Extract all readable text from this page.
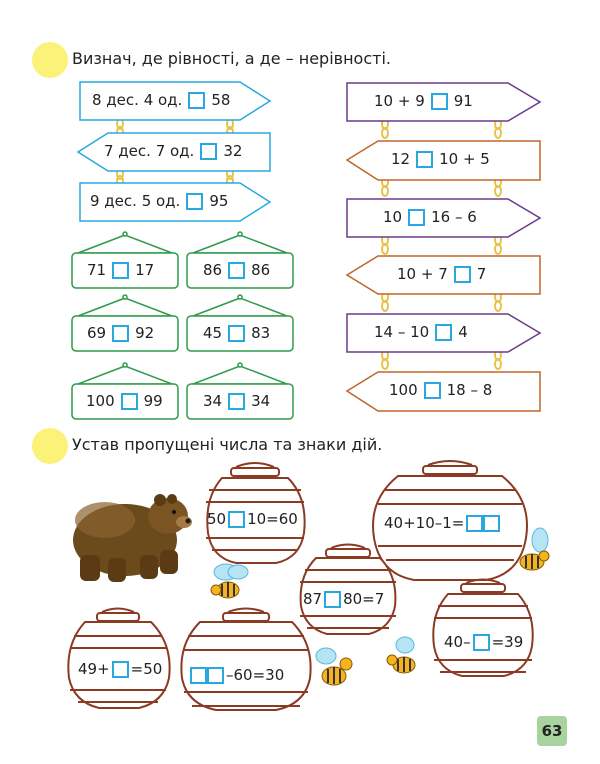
Визнач, де рівності, а де – нерівності.
Устав пропущені числа та знаки дій.
8 дес. 4 од. 58
7 дес. 7 од. 32
9 дес. 5 од. 95
71 17	86 86
69 92	45 83
100 99	34 34
10 + 9 91
12 10 + 5
10 16 – 6
10 + 7 7
14 – 10 4
100 18 – 8
50 10=60	40+10–1=
87 80=7
49+ =50	–60=30
40– =39
63
